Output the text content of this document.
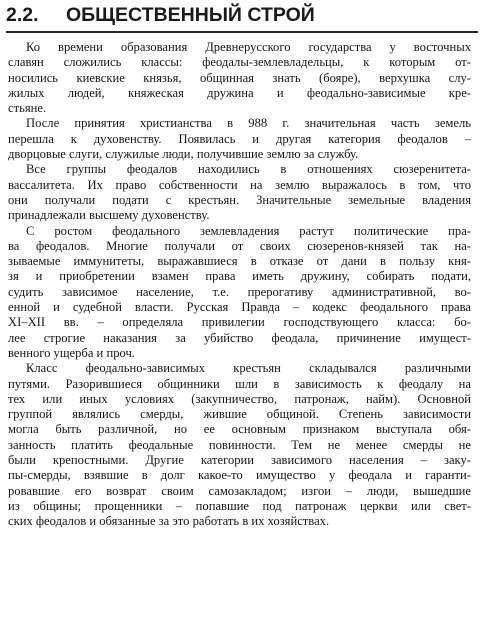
2.2. ОБЩЕСТВЕННЫЙ СТРОЙ
Ко времени образования Древнерусского государства у восточных
славян сложились классы: феодалы-землевладельцы, к которым от-
носились киевские князья, общинная знать (бояре), верхушка слу-
жилых людей, княжеская дружина и феодально-зависимые кре-
стьяне.
После принятия христианства в 988 г. значительная часть земель
перешла к духовенству. Появилась и другая категория феодалов –
дворцовые слуги, служилые люди, получившие землю за службу.
Все группы феодалов находились в отношениях сюзеренитета-
вассалитета. Их право собственности на землю выражалось в том, что
они получали подати с крестьян. Значительные земельные владения
принадлежали высшему духовенству.
С ростом феодального землевладения растут политические пра-
ва феодалов. Многие получали от своих сюзеренов-князей так на-
зываемые иммунитеты, выражавшиеся в отказе от дани в пользу кня-
зя и приобретении взамен права иметь дружину, собирать подати,
судить зависимое население, т.е. прерогативу административной, во-
енной и судебной власти. Русская Правда – кодекс феодального права
XI–XII вв. – определяла привилегии господствующего класса: бо-
лее строгие наказания за убийство феодала, причинение имущест-
венного ущерба и проч.
Класс феодально-зависимых крестьян складывался различными
путями. Разорившиеся общинники шли в зависимость к феодалу на
тех или иных условиях (закупничество, патронаж, найм). Основной
группой являлись смерды, жившие общиной. Степень зависимости
могла быть различной, но ее основным признаком выступала обя-
занность платить феодальные повинности. Тем не менее смерды не
были крепостными. Другие категории зависимого населения – заку-
пы-смерды, взявшие в долг какое-то имущество у феодала и гаранти-
ровавшие его возврат своим самозакладом; изгои – люди, вышедшие
из общины; прощенники – попавшие под патронаж церкви или свет-
ских феодалов и обязанные за это работать в их хозяйствах.
